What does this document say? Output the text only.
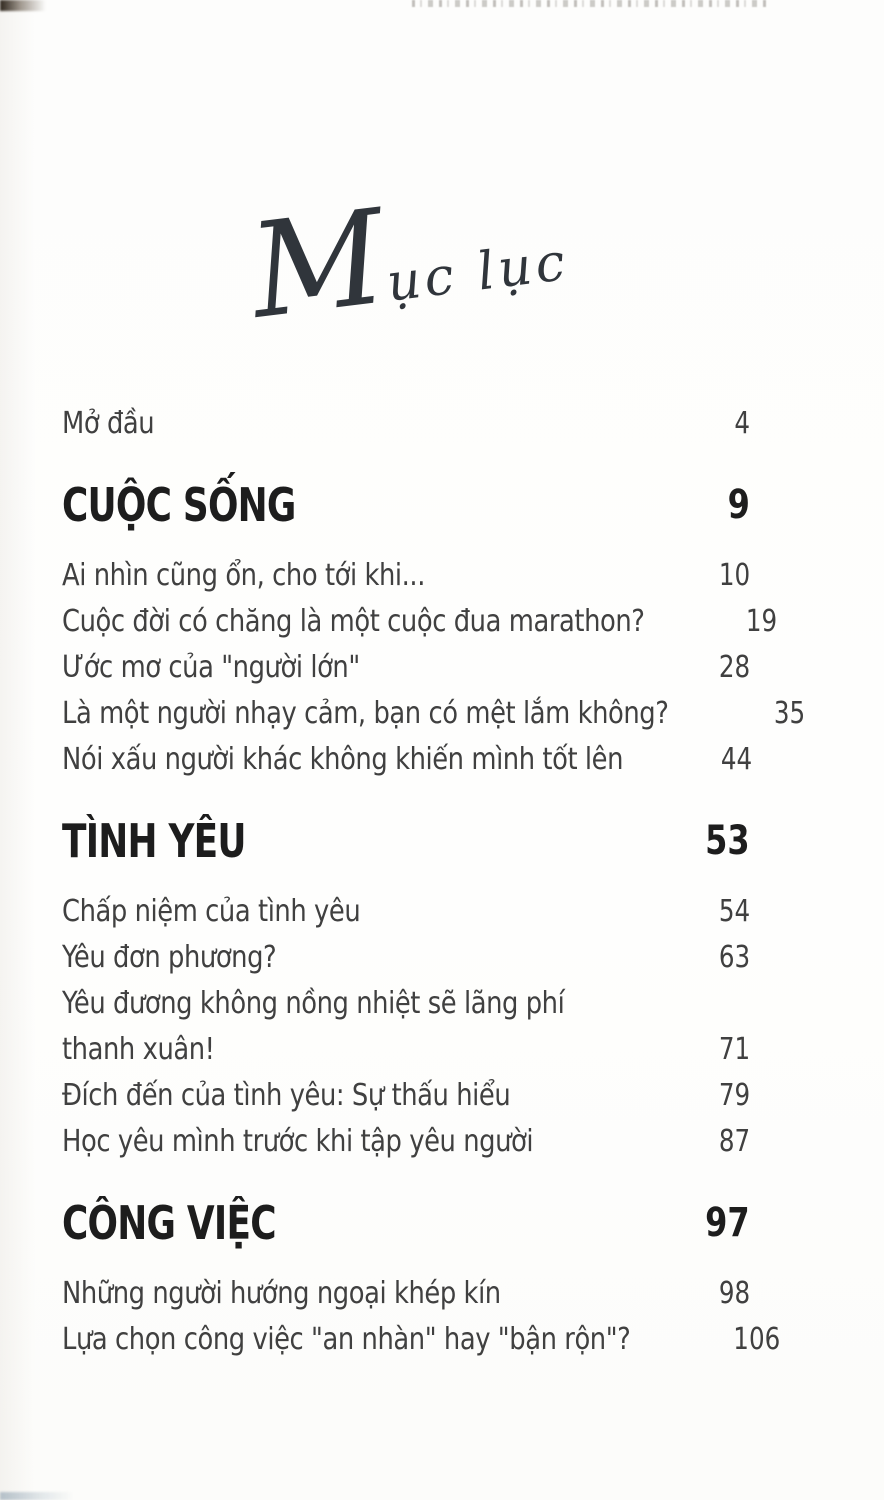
Mục lục
Mở đầu	4
CUỘC SỐNG	9
Ai nhìn cũng ổn, cho tới khi...	10
Cuộc đời có chăng là một cuộc đua marathon?	19
Ước mơ của "người lớn"	28
Là một người nhạy cảm, bạn có mệt lắm không?	35
Nói xấu người khác không khiến mình tốt lên	44
TÌNH YÊU	53
Chấp niệm của tình yêu	54
Yêu đơn phương?	63
Yêu đương không nồng nhiệt sẽ lãng phí
thanh xuân!	71
Đích đến của tình yêu: Sự thấu hiểu	79
Học yêu mình trước khi tập yêu người	87
CÔNG VIỆC	97
Những người hướng ngoại khép kín	98
Lựa chọn công việc "an nhàn" hay "bận rộn"?	106
